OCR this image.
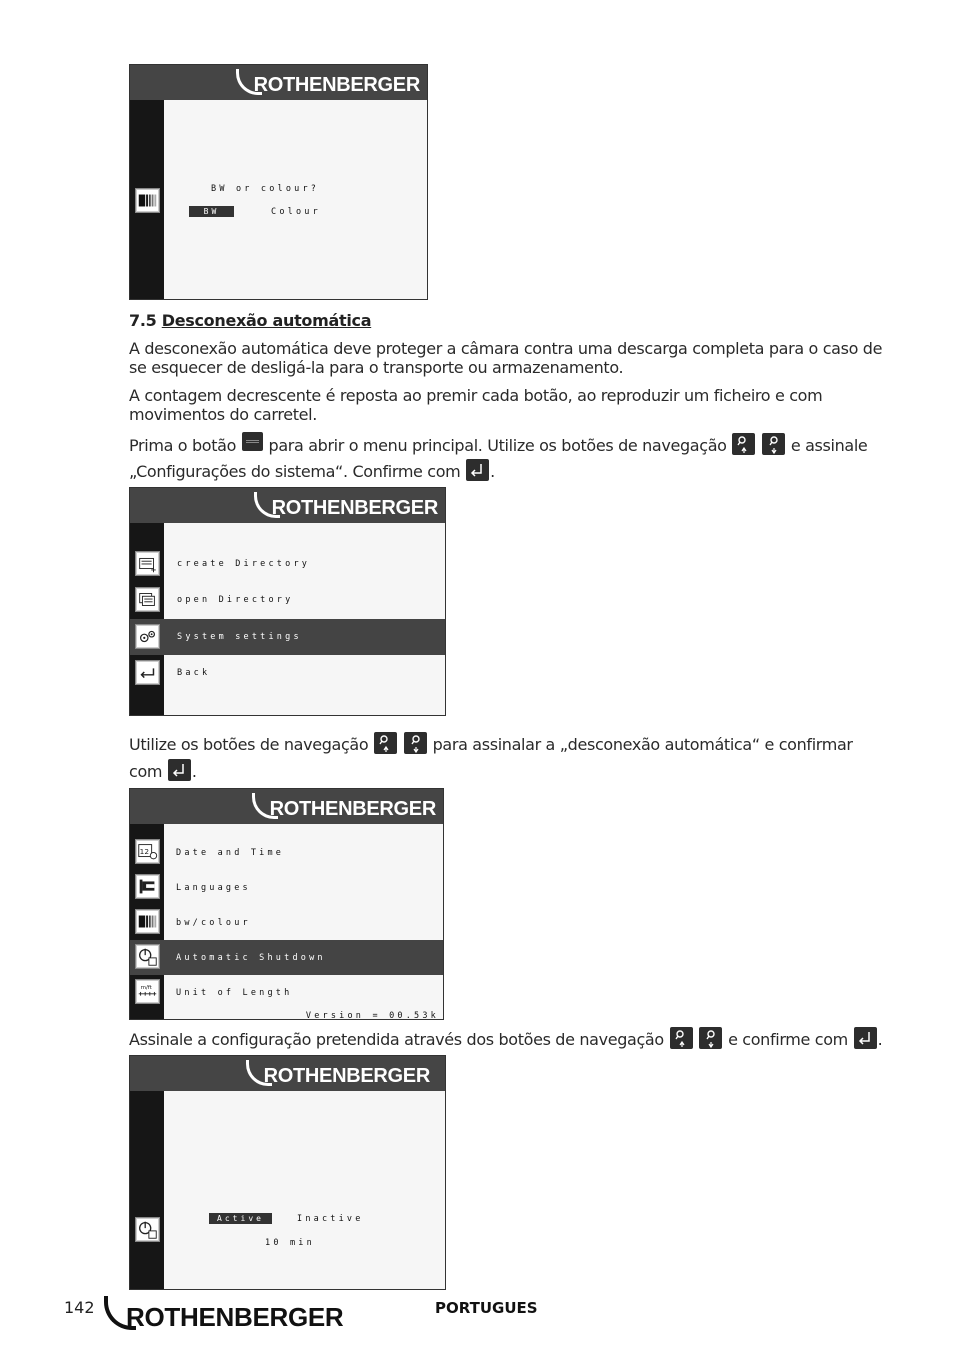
ROTHENBERGER
BW or colour?
BW	Colour
7.5 Desconexão automática
A desconexão automática deve proteger a câmara contra uma descarga completa para o caso de se esquecer de desligá-la para o transporte ou armazenamento.
A contagem decrescente é reposta ao premir cada botão, ao reproduzir um ficheiro e com movimentos do carretel.
Prima o botão para abrir o menu principal. Utilize os botões de navegação
	e assinale „Configurações do sistema“. Confirme com .
ROTHENBERGER
create Directory
open Directory
System settings
Back
Utilize os botões de navegação
	para assinalar a „desconexão automática“ e confirmar com .
ROTHENBERGER
12
m/ft
Date and Time
Languages
bw/colour
Automatic Shutdown
Unit of Length
Version = 00.53k
Assinale a configuração pretendida através dos botões de navegação
	e confirme com .
ROTHENBERGER
Active	Inactive
10 min
142 ROTHENBERGER	PORTUGUES
